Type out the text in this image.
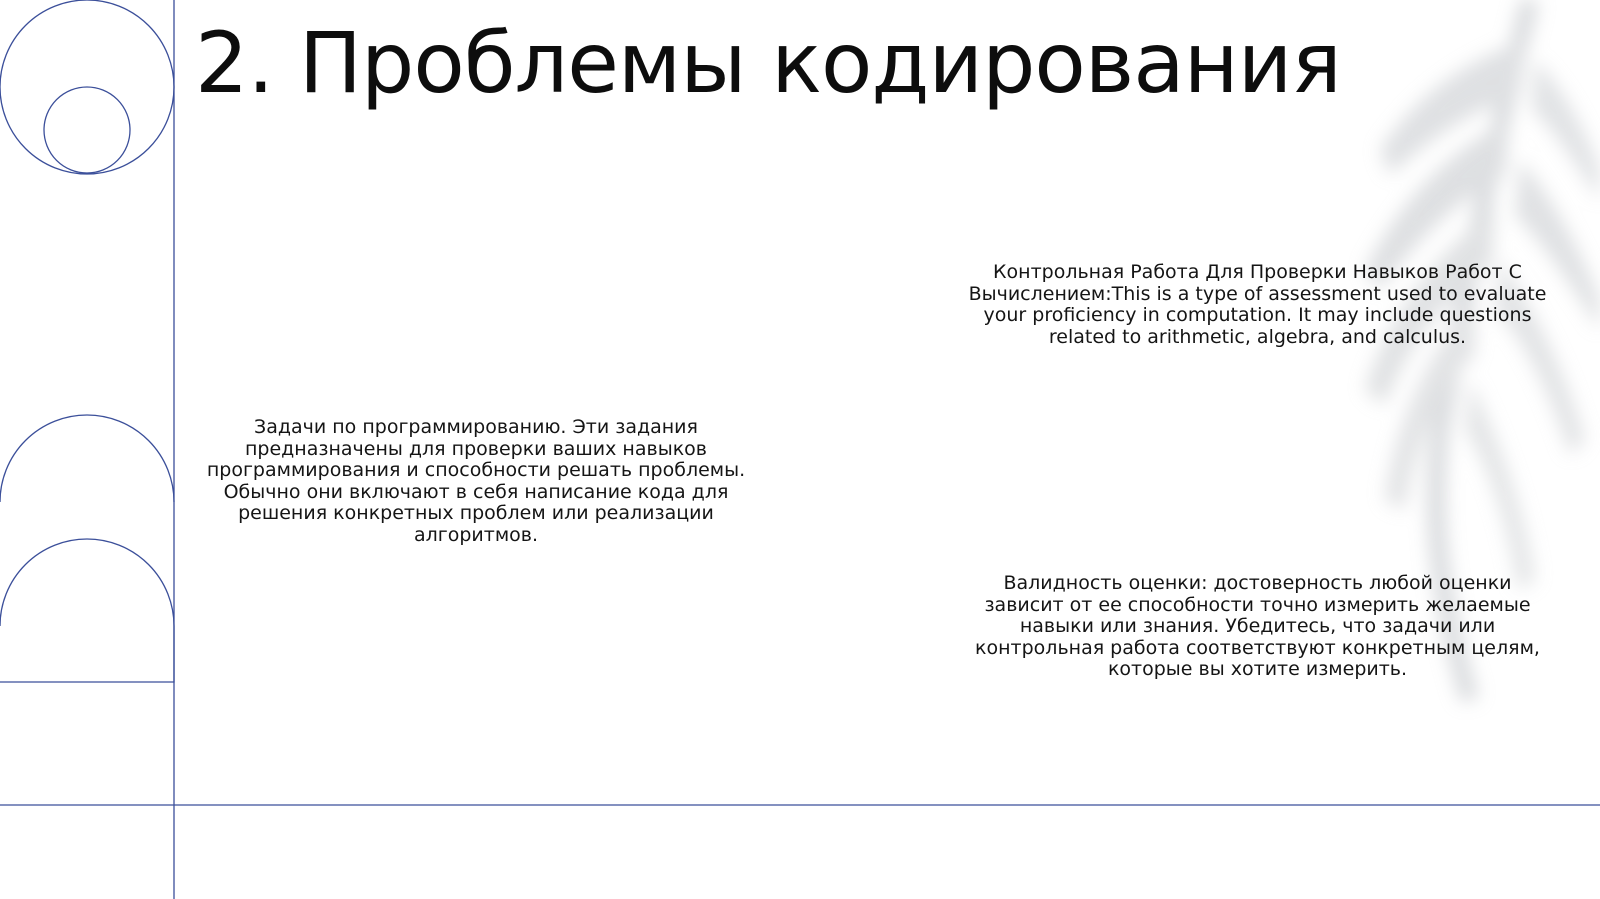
2. Проблемы кодирования

Задачи по программированию. Эти задания предназначены для проверки ваших навыков программирования и способности решать проблемы. Обычно они включают в себя написание кода для решения конкретных проблем или реализации алгоритмов.

Контрольная Работа Для Проверки Навыков Работ С Вычислением:This is a type of assessment used to evaluate your proficiency in computation. It may include questions related to arithmetic, algebra, and calculus.

Валидность оценки: достоверность любой оценки зависит от ее способности точно измерить желаемые навыки или знания. Убедитесь, что задачи или контрольная работа соответствуют конкретным целям, которые вы хотите измерить.
